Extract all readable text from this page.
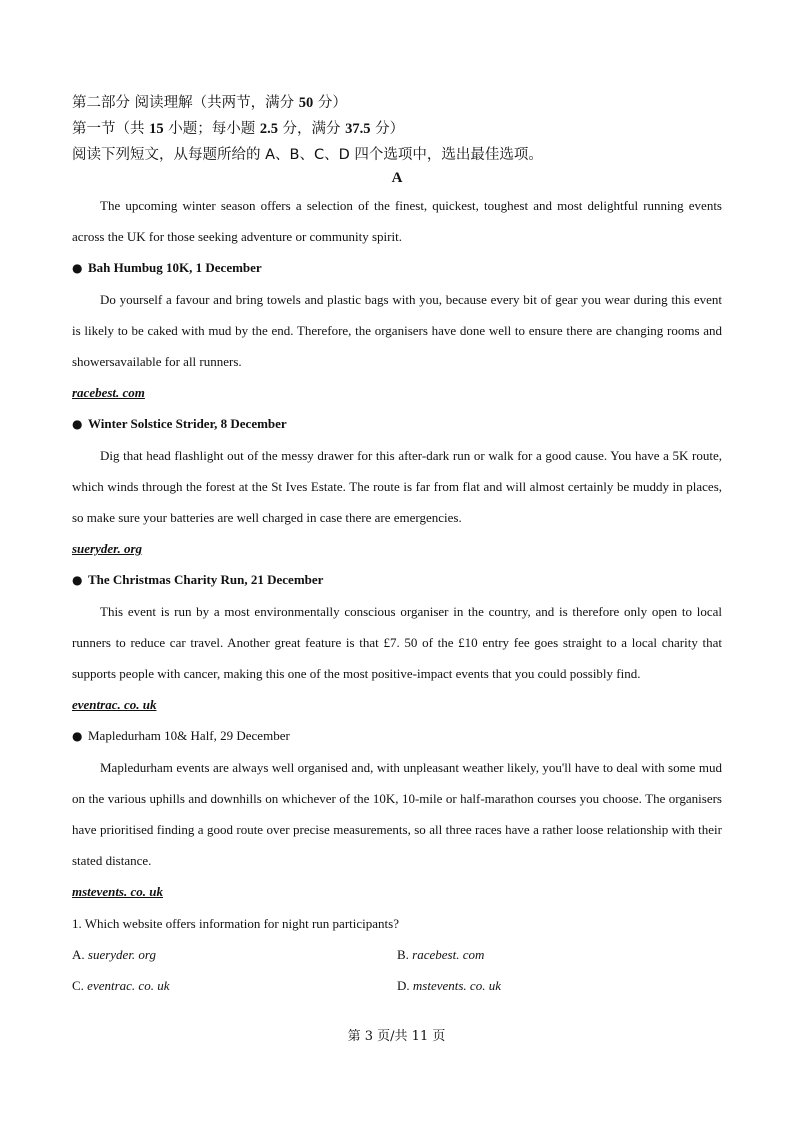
第二部分 阅读理解（共两节，满分 50 分）
第一节（共 15 小题；每小题 2.5 分，满分 37.5 分）
阅读下列短文，从每题所给的 A、B、C、D 四个选项中，选出最佳选项。
A

The upcoming winter season offers a selection of the finest, quickest, toughest and most delightful running events across the UK for those seeking adventure or community spirit.

● Bah Humbug 10K, 1 December

Do yourself a favour and bring towels and plastic bags with you, because every bit of gear you wear during this event is likely to be caked with mud by the end. Therefore, the organisers have done well to ensure there are changing rooms and showersavailable for all runners.

racebest. com
● Winter Solstice Strider, 8 December

Dig that head flashlight out of the messy drawer for this after-dark run or walk for a good cause. You have a 5K route, which winds through the forest at the St Ives Estate. The route is far from flat and will almost certainly be muddy in places, so make sure your batteries are well charged in case there are emergencies.

sueryder. org
● The Christmas Charity Run, 21 December

This event is run by a most environmentally conscious organiser in the country, and is therefore only open to local runners to reduce car travel. Another great feature is that £7. 50 of the £10 entry fee goes straight to a local charity that supports people with cancer, making this one of the most positive-impact events that you could possibly find.

eventrac. co. uk
● Mapledurham 10& Half, 29 December

Mapledurham events are always well organised and, with unpleasant weather likely, you'll have to deal with some mud on the various uphills and downhills on whichever of the 10K, 10-mile or half-marathon courses you choose. The organisers have prioritised finding a good route over precise measurements, so all three races have a rather loose relationship with their stated distance.

mstevents. co. uk
1. Which website offers information for night run participants?
A. sueryder. org	B. racebest. com
C. eventrac. co. uk	D. mstevents. co. uk
第 3 页/共 11 页
